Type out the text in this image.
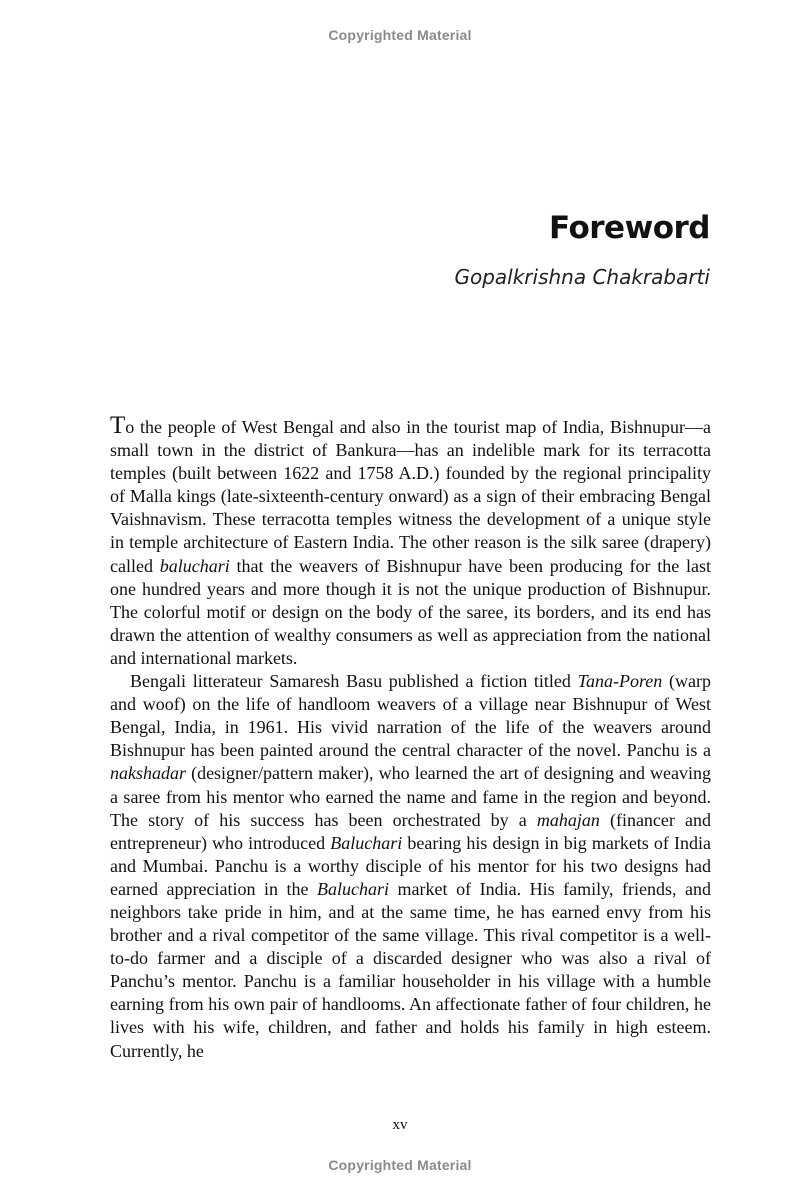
Copyrighted Material
Foreword
Gopalkrishna Chakrabarti

To the people of West Bengal and also in the tourist map of India, Bishnupur—a small town in the district of Bankura—has an indelible mark for its terracotta temples (built between 1622 and 1758 A.D.) founded by the regional principality of Malla kings (late-sixteenth-century onward) as a sign of their embracing Bengal Vaishnavism. These terracotta temples witness the development of a unique style in temple architecture of Eastern India. The other reason is the silk saree (drapery) called baluchari that the weavers of Bishnupur have been producing for the last one hundred years and more though it is not the unique production of Bishnupur. The colorful motif or design on the body of the saree, its borders, and its end has drawn the attention of wealthy consumers as well as appreciation from the national and international markets.

Bengali litterateur Samaresh Basu published a fiction titled Tana-Poren (warp and woof) on the life of handloom weavers of a village near Bishnupur of West Bengal, India, in 1961. His vivid narration of the life of the weavers around Bishnupur has been painted around the central character of the novel. Panchu is a nakshadar (designer/pattern maker), who learned the art of designing and weaving a saree from his mentor who earned the name and fame in the region and beyond. The story of his success has been orchestrated by a mahajan (financer and entrepreneur) who introduced Baluchari bearing his design in big markets of India and Mumbai. Panchu is a worthy disciple of his mentor for his two designs had earned appreciation in the Baluchari market of India. His family, friends, and neighbors take pride in him, and at the same time, he has earned envy from his brother and a rival competitor of the same village. This rival competitor is a well-to-do farmer and a disciple of a discarded designer who was also a rival of Panchu’s mentor. Panchu is a familiar householder in his village with a humble earning from his own pair of handlooms. An affectionate father of four children, he lives with his wife, children, and father and holds his family in high esteem. Currently, he

xv
Copyrighted Material
